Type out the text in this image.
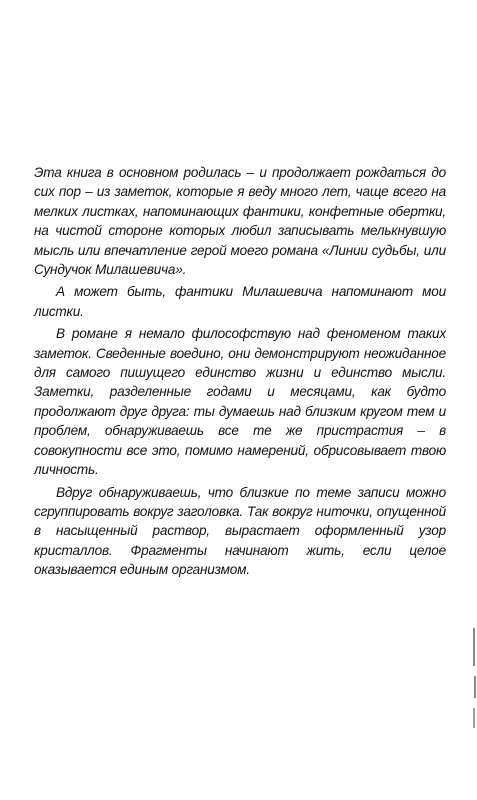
Эта книга в основном родилась – и продолжает рождаться до сих пор – из заметок, которые я веду много лет, чаще всего на мелких листках, напоминающих фантики, конфетные обертки, на чистой стороне которых любил записывать мелькнувшую мысль или впечатление герой моего романа «Линии судьбы, или Сундучок Милашевича».

А может быть, фантики Милашевича напоминают мои листки.

В романе я немало философствую над феноменом таких заметок. Сведенные воедино, они демонстрируют неожиданное для самого пишущего единство жизни и единство мысли. Заметки, разделенные годами и месяцами, как будто продолжают друг друга: ты думаешь над близким кругом тем и проблем, обнаруживаешь все те же пристрастия – в совокупности все это, помимо намерений, обрисовывает твою личность.

Вдруг обнаруживаешь, что близкие по теме записи можно сгруппировать вокруг заголовка. Так вокруг ниточки, опущенной в насыщенный раствор, вырастает оформленный узор кристаллов. Фрагменты начинают жить, если целое оказывается единым организмом.
